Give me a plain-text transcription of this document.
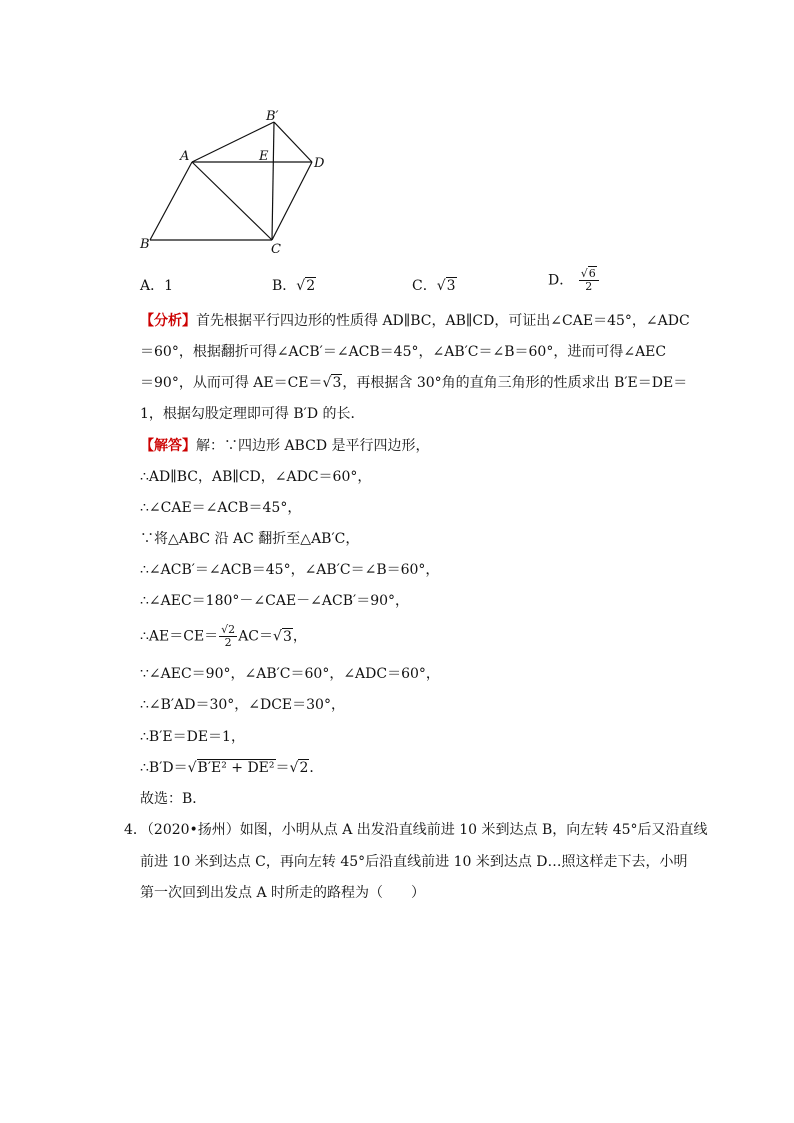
B′
A	E	D
B	C
A．1	B．√2	C．√3	D． $\frac{√6}{2}$
【分析】首先根据平行四边形的性质得 AD∥BC，AB∥CD，可证出∠CAE＝45°，∠ADC
＝60°，根据翻折可得∠ACB′＝∠ACB＝45°，∠AB′C＝∠B＝60°，进而可得∠AEC
＝90°，从而可得 AE＝CE＝√3，再根据含 30°角的直角三角形的性质求出 B′E＝DE＝
1，根据勾股定理即可得 B′D 的长．
【解答】解：∵四边形 ABCD 是平行四边形，
∴AD∥BC，AB∥CD，∠ADC＝60°，
∴∠CAE＝∠ACB＝45°，
∵将△ABC 沿 AC 翻折至△AB′C，
∴∠ACB′＝∠ACB＝45°，∠AB′C＝∠B＝60°，
∴∠AEC＝180°－∠CAE－∠ACB′＝90°，
∴AE＝CE＝ $\frac{√2}{2} AC=√3$，
∵∠AEC＝90°，∠AB′C＝60°，∠ADC＝60°，
∴∠B′AD＝30°，∠DCE＝30°，
∴B′E＝DE＝1，
∴B′D＝√B′E² + DE²＝√2．
故选：B．
4．（2020•扬州）如图，小明从点 A 出发沿直线前进 10 米到达点 B，向左转 45°后又沿直线
前进 10 米到达点 C，再向左转 45°后沿直线前进 10 米到达点 D…照这样走下去，小明
第一次回到出发点 A 时所走的路程为（　　）
